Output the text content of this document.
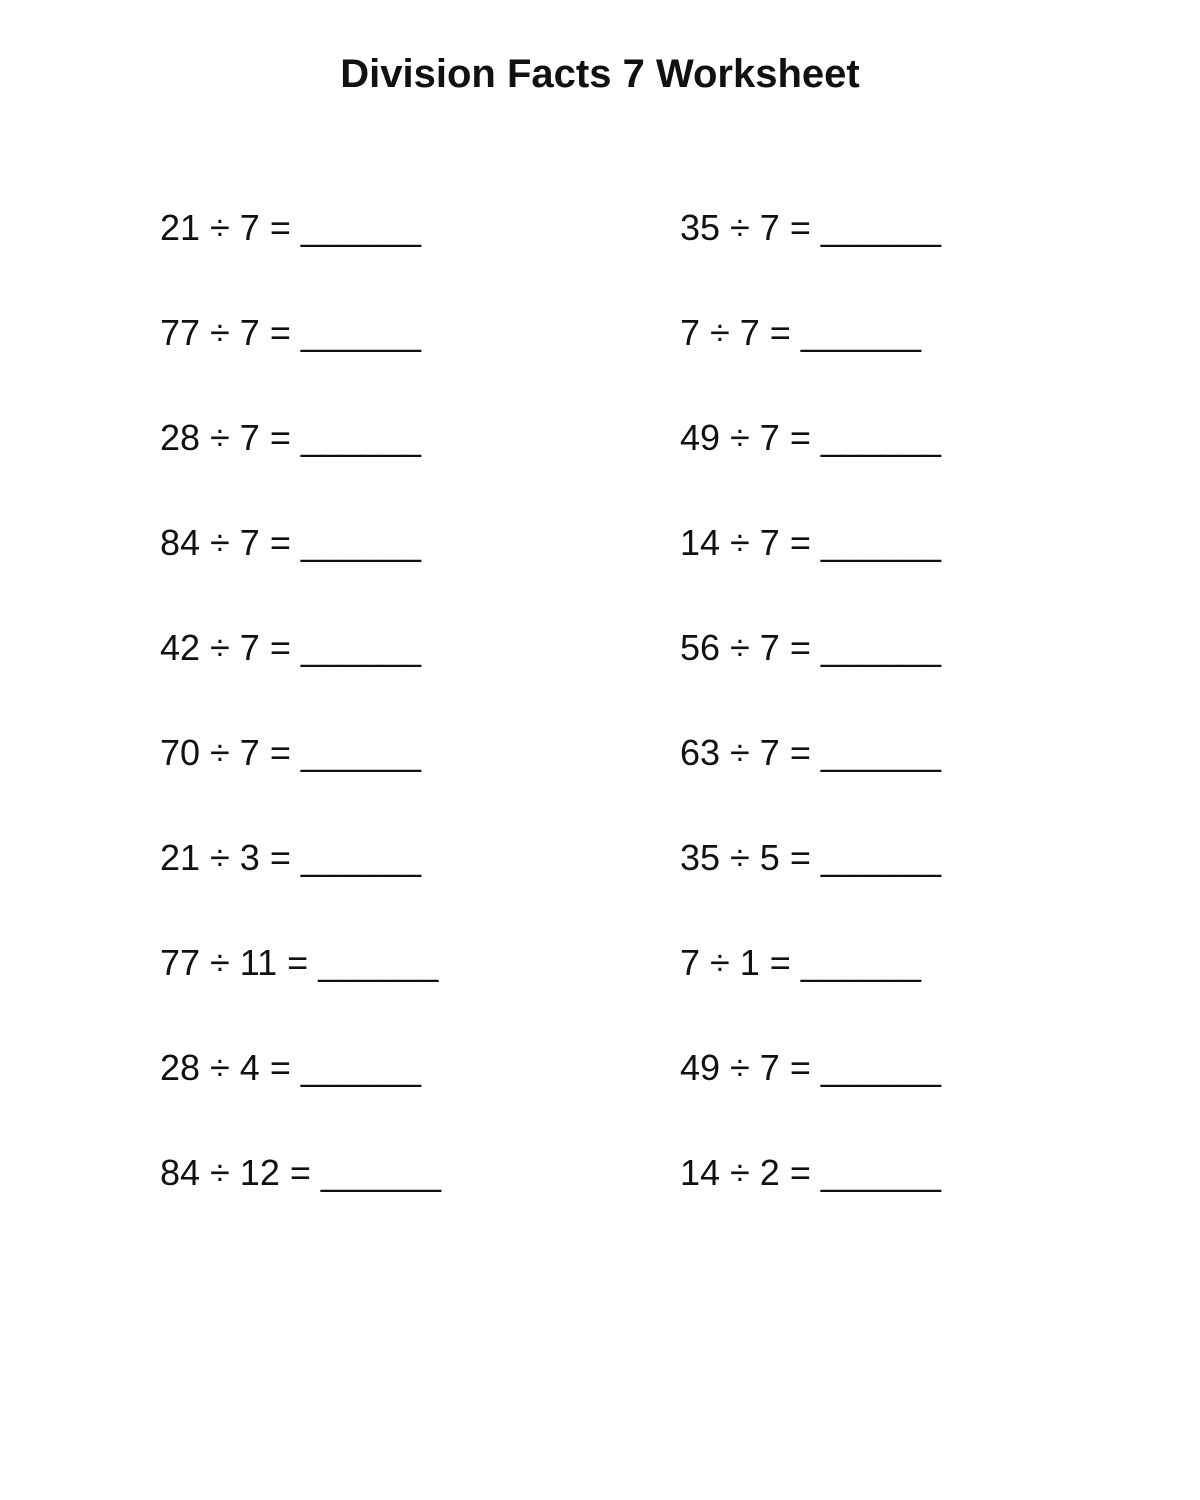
Division Facts 7 Worksheet
21 ÷ 7 = ______	35 ÷ 7 = ______
77 ÷ 7 = ______	7 ÷ 7 = ______
28 ÷ 7 = ______	49 ÷ 7 = ______
84 ÷ 7 = ______	14 ÷ 7 = ______
42 ÷ 7 = ______	56 ÷ 7 = ______
70 ÷ 7 = ______	63 ÷ 7 = ______
21 ÷ 3 = ______	35 ÷ 5 = ______
77 ÷ 11 = ______	7 ÷ 1 = ______
28 ÷ 4 = ______	49 ÷ 7 = ______
84 ÷ 12 = ______	14 ÷ 2 = ______
